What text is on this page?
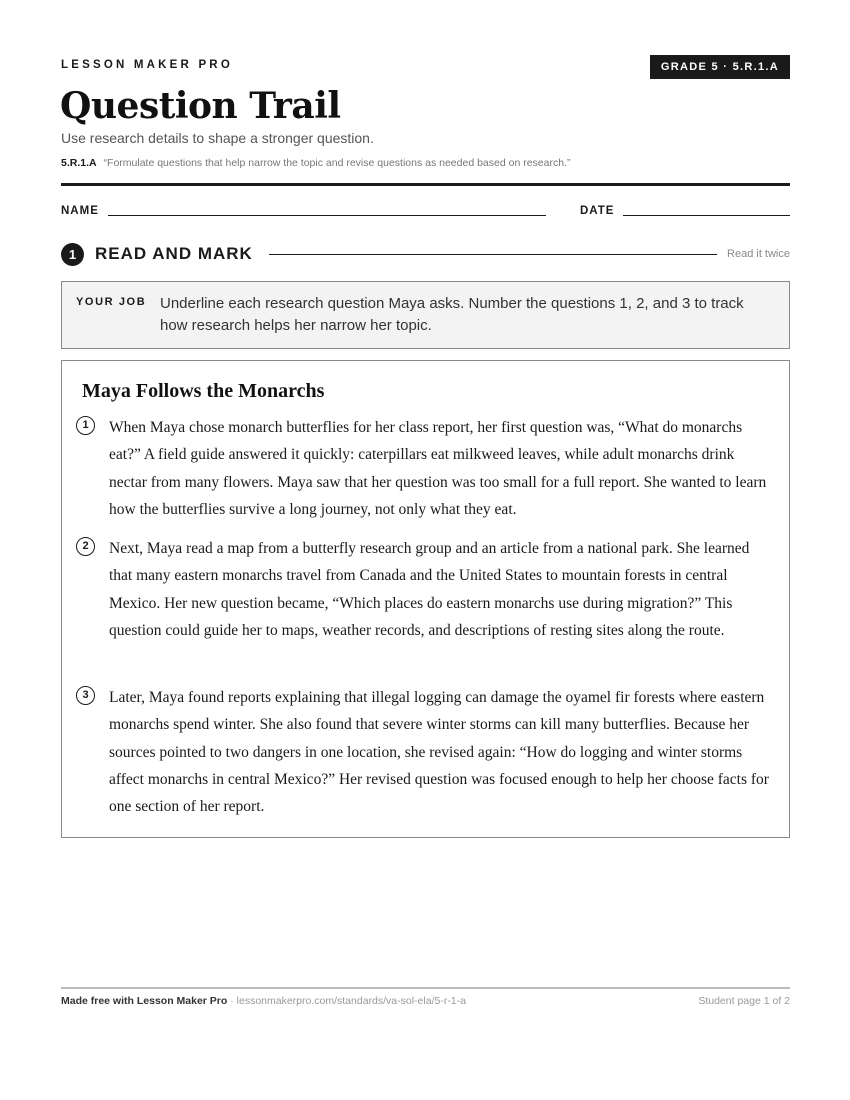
LESSON MAKER PRO	GRADE 5 · 5.R.1.A
Question Trail
Use research details to shape a stronger question.
5.R.1.A “Formulate questions that help narrow the topic and revise questions as needed based on research.”
NAME	DATE
1	READ AND MARK	Read it twice
YOUR JOB Underline each research question Maya asks. Number the questions 1, 2, and 3 to track how research helps her narrow her topic.
Maya Follows the Monarchs
1	When Maya chose monarch butterflies for her class report, her first question was, “What do monarchs eat?” A field guide answered it quickly: caterpillars eat milkweed leaves, while adult monarchs drink nectar from many flowers. Maya saw that her question was too small for a full report. She wanted to learn how the butterflies survive a long journey, not only what they eat.
2	Next, Maya read a map from a butterfly research group and an article from a national park. She learned that many eastern monarchs travel from Canada and the United States to mountain forests in central Mexico. Her new question became, “Which places do eastern monarchs use during migration?” This question could guide her to maps, weather records, and descriptions of resting sites along the route.
3	Later, Maya found reports explaining that illegal logging can damage the oyamel fir forests where eastern monarchs spend winter. She also found that severe winter storms can kill many butterflies. Because her sources pointed to two dangers in one location, she revised again: “How do logging and winter storms affect monarchs in central Mexico?” Her revised question was focused enough to help her choose facts for one section of her report.
Made free with Lesson Maker Pro · lessonmakerpro.com/standards/va-sol-ela/5-r-1-a	Student page 1 of 2
